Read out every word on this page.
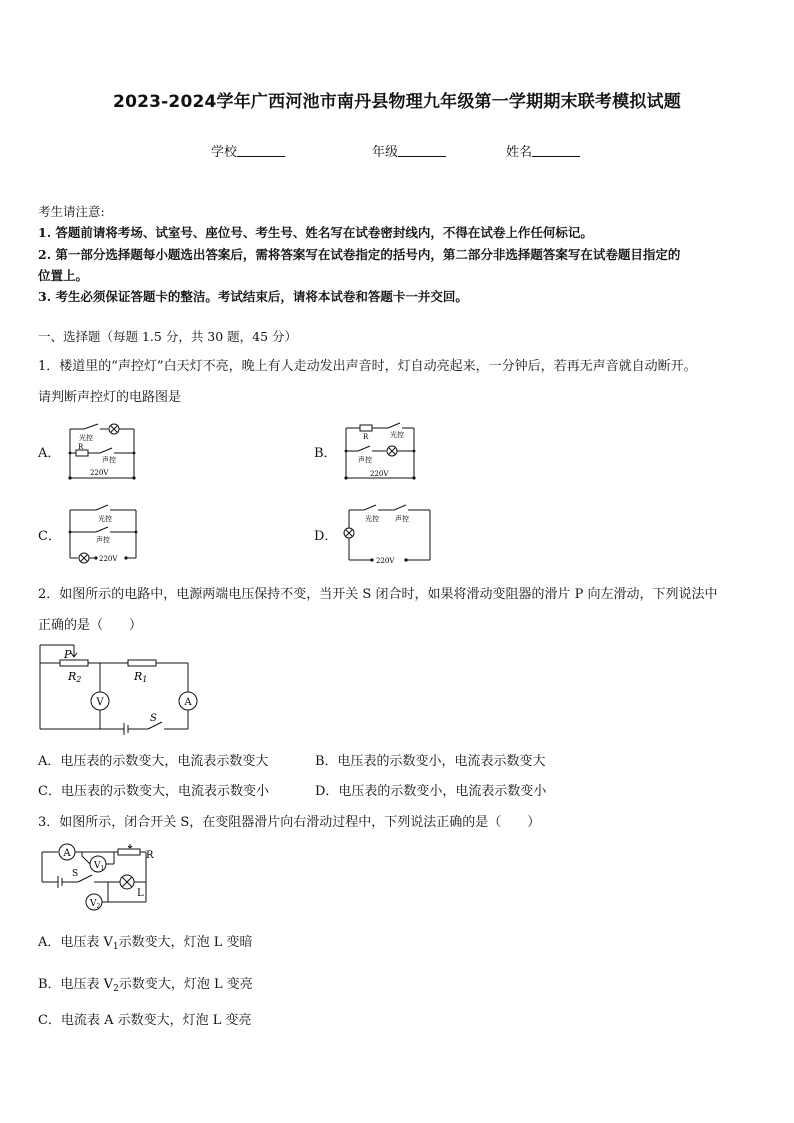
2023-2024学年广西河池市南丹县物理九年级第一学期期末联考模拟试题
学校	年级	姓名
考生请注意:
1. 答题前请将考场、试室号、座位号、考生号、姓名写在试卷密封线内，不得在试卷上作任何标记。
2. 第一部分选择题每小题选出答案后，需将答案写在试卷指定的括号内，第二部分非选择题答案写在试卷题目指定的
位置上。
3. 考生必须保证答题卡的整洁。考试结束后，请将本试卷和答题卡一并交回。
一、选择题（每题 1.5 分，共 30 题，45 分）
1．楼道里的“声控灯”白天灯不亮，晚上有人走动发出声音时，灯自动亮起来，一分钟后，若再无声音就自动断开。
请判断声控灯的电路图是
A．
光控
R
声控
220V
B．
R	光控
声控
220V
C．
光控
声控
220V
D．
光控 声控
220V
2．如图所示的电路中，电源两端电压保持不变，当开关 S 闭合时，如果将滑动变阻器的滑片 P 向左滑动，下列说法中
正确的是（　　）
P
R2	R1
V	A
S
A．电压表的示数变大，电流表示数变大	B．电压表的示数变小，电流表示数变大
C．电压表的示数变大，电流表示数变小	D．电压表的示数变小，电流表示数变小
3．如图所示，闭合开关 S，在变阻器滑片向右滑动过程中，下列说法正确的是（　　）
A
$V_1$
$V_2$
R
S
L
A．电压表 $V_1$示数变大，灯泡 L 变暗
B．电压表 $V_2$示数变大，灯泡 L 变亮
C．电流表 A 示数变大，灯泡 L 变亮
